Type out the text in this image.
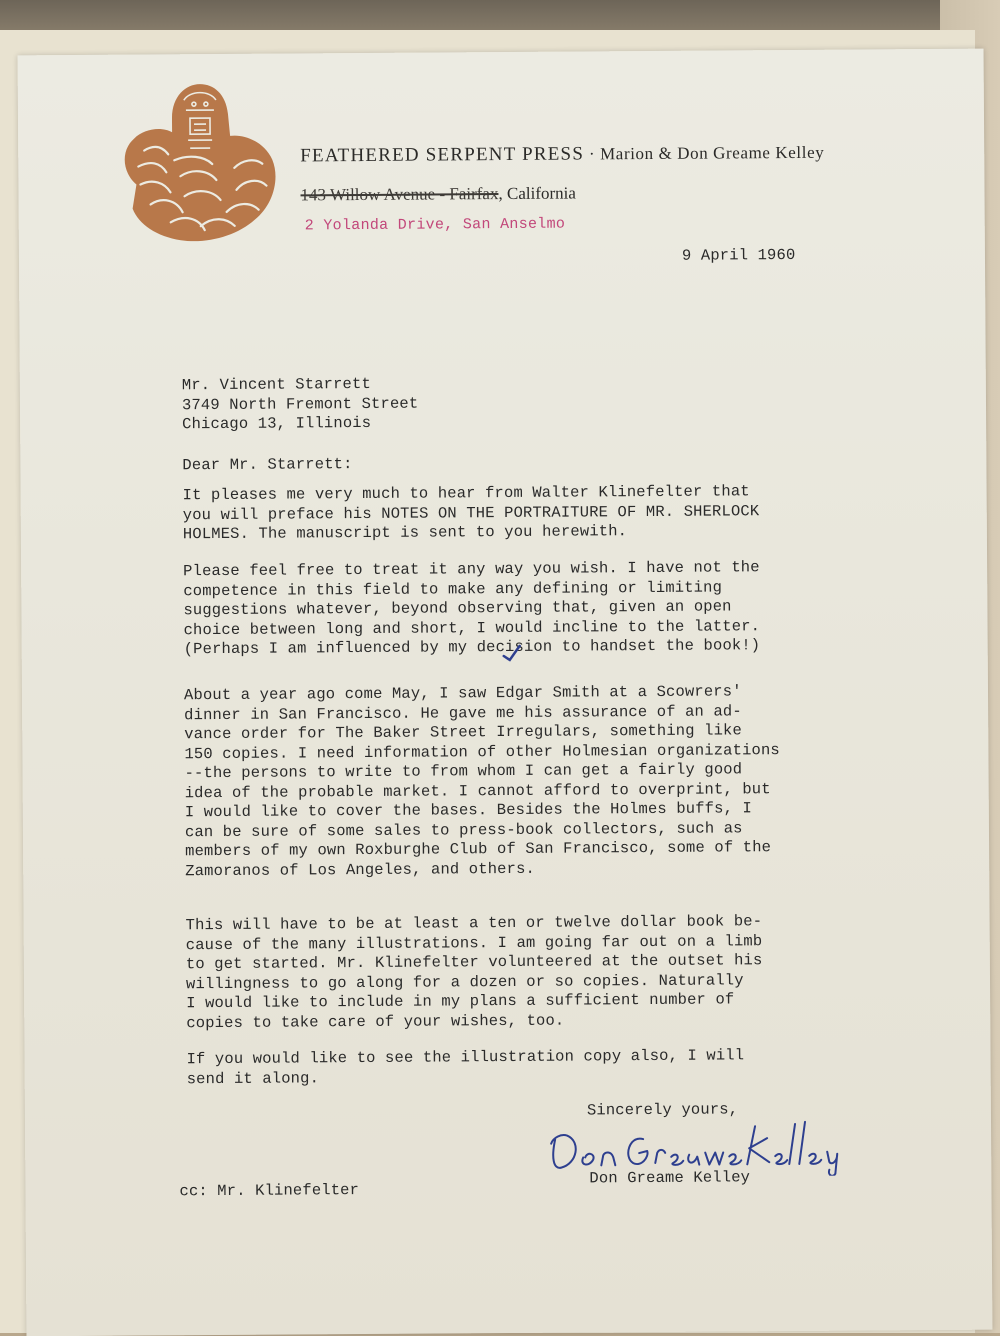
FEATHERED SERPENT PRESS · Marion & Don Greame Kelley
143 Willow Avenue - Fairfax, California
2 Yolanda Drive, San Anselmo
9 April 1960
Mr. Vincent Starrett
3749 North Fremont Street
Chicago 13, Illinois
Dear Mr. Starrett:
It pleases me very much to hear from Walter Klinefelter that
you will preface his NOTES ON THE PORTRAITURE OF MR. SHERLOCK
HOLMES. The manuscript is sent to you herewith.
Please feel free to treat it any way you wish. I have not the
competence in this field to make any defining or limiting
suggestions whatever, beyond observing that, given an open
choice between long and short, I would incline to the latter.
(Perhaps I am influenced by my decision to handset the book!)
About a year ago come May, I saw Edgar Smith at a Scowrers'
dinner in San Francisco. He gave me his assurance of an ad-
vance order for The Baker Street Irregulars, something like
150 copies. I need information of other Holmesian organizations
--the persons to write to from whom I can get a fairly good
idea of the probable market. I cannot afford to overprint, but
I would like to cover the bases. Besides the Holmes buffs, I
can be sure of some sales to press-book collectors, such as
members of my own Roxburghe Club of San Francisco, some of the
Zamoranos of Los Angeles, and others.
This will have to be at least a ten or twelve dollar book be-
cause of the many illustrations. I am going far out on a limb
to get started. Mr. Klinefelter volunteered at the outset his
willingness to go along for a dozen or so copies. Naturally
I would like to include in my plans a sufficient number of
copies to take care of your wishes, too.
If you would like to see the illustration copy also, I will
send it along.
Sincerely yours,
Don Greame Kelley
cc: Mr. Klinefelter
